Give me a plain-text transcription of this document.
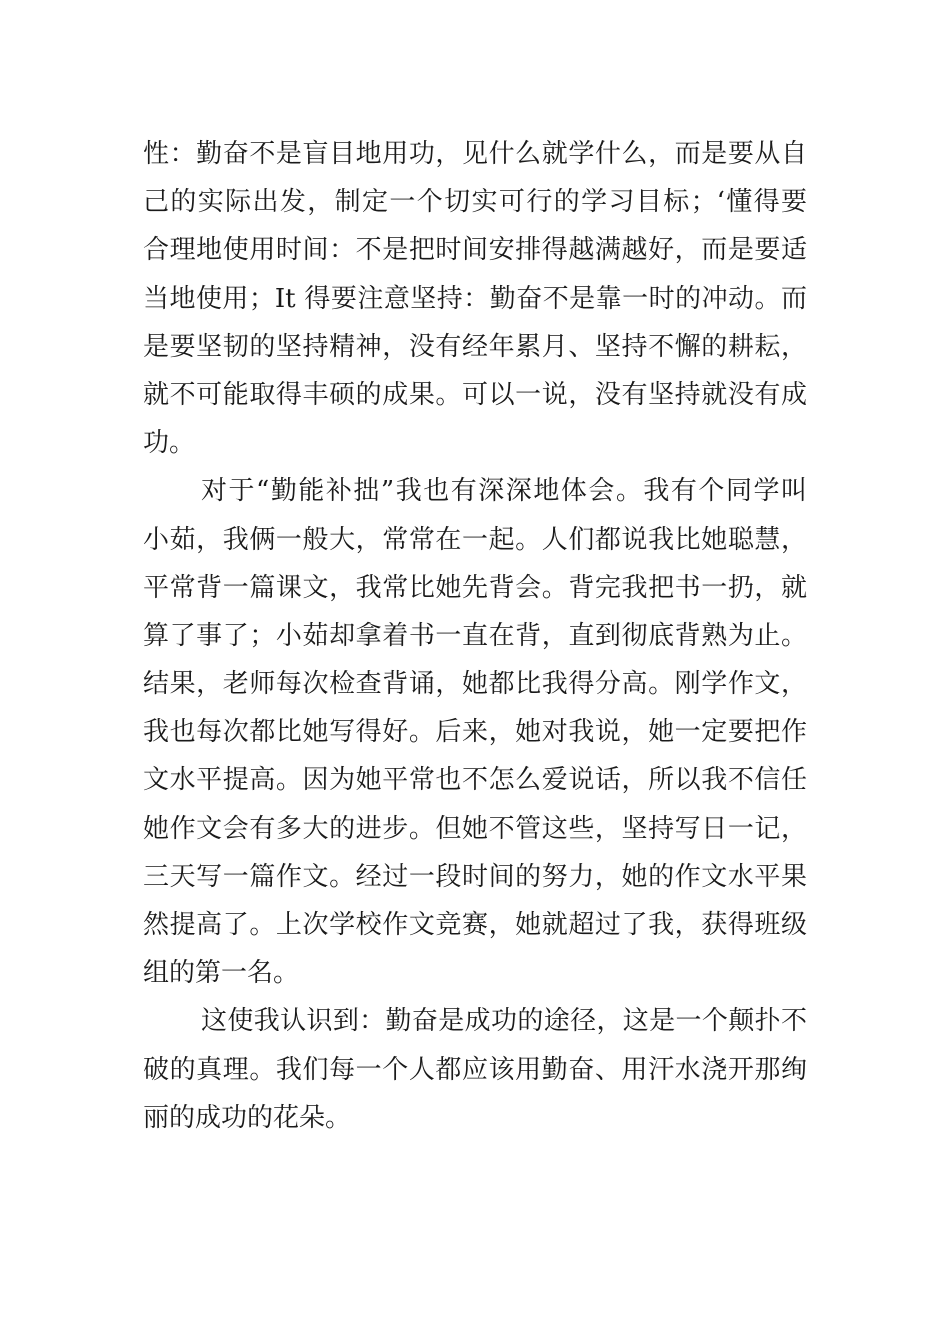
性：勤奋不是盲目地用功，见什么就学什么，而是要从自
己的实际出发，制定一个切实可行的学习目标；‘懂得要
合理地使用时间：不是把时间安排得越满越好，而是要适
当地使用；It 得要注意坚持：勤奋不是靠一时的冲动。而
是要坚韧的坚持精神，没有经年累月、坚持不懈的耕耘，
就不可能取得丰硕的成果。可以一说，没有坚持就没有成
功。
对于“勤能补拙”我也有深深地体会。我有个同学叫
小茹，我俩一般大，常常在一起。人们都说我比她聪慧，
平常背一篇课文，我常比她先背会。背完我把书一扔，就
算了事了；小茹却拿着书一直在背，直到彻底背熟为止。
结果，老师每次检查背诵，她都比我得分高。刚学作文，
我也每次都比她写得好。后来，她对我说，她一定要把作
文水平提高。因为她平常也不怎么爱说话，所以我不信任
她作文会有多大的进步。但她不管这些，坚持写日一记，
三天写一篇作文。经过一段时间的努力，她的作文水平果
然提高了。上次学校作文竞赛，她就超过了我，获得班级
组的第一名。
这使我认识到：勤奋是成功的途径，这是一个颠扑不
破的真理。我们每一个人都应该用勤奋、用汗水浇开那绚
丽的成功的花朵。
